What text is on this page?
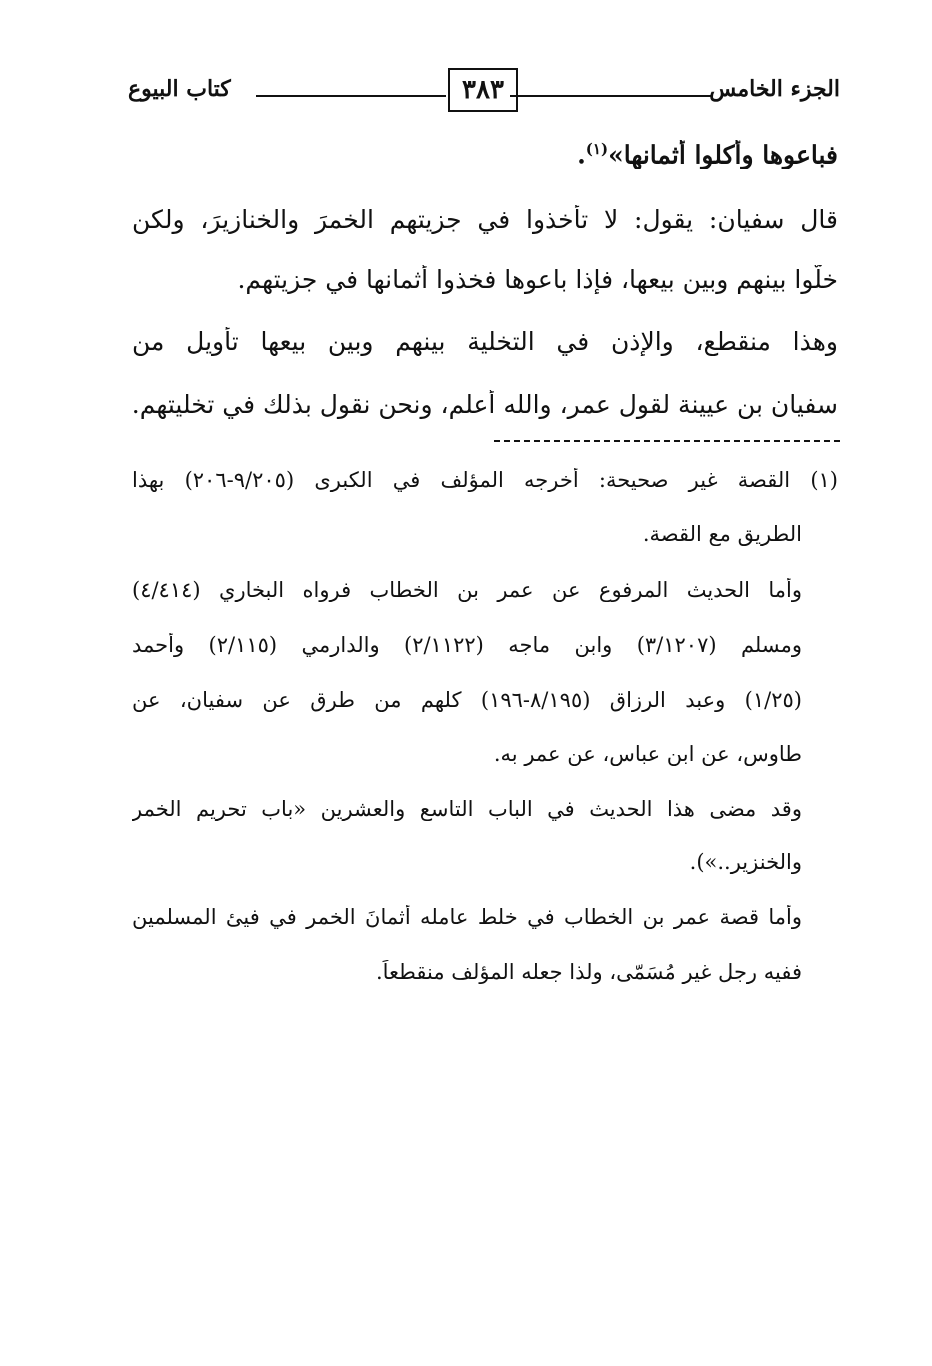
الجزء الخامس
٣٨٣
كتاب البيوع
فباعوها وأكلوا أثمانها»$^{(١)}$.
قال سفيان: يقول: لا تأخذوا في جزيتهم الخمرَ والخنازيرَ، ولكن
خلُّوا بينهم وبين بيعها، فإذا باعوها فخذوا أثمانها في جزيتهم.
وهذا منقطع، والإذن في التخلية بينهم وبين بيعها تأويل من
سفيان بن عيينة لقول عمر، والله أعلم، ونحن نقول بذلك في تخليتهم.
(١) القصة غير صحيحة: أخرجه المؤلف في الكبرى (٩/٢٠٥-٢٠٦) بهذا
الطريق مع القصة.
وأما الحديث المرفوع عن عمر بن الخطاب فرواه البخاري (٤/٤١٤)
ومسلم (٣/١٢٠٧) وابن ماجه (٢/١١٢٢) والدارمي (٢/١١٥) وأحمد
(١/٢٥) وعبد الرزاق (٨/١٩٥-١٩٦) كلهم من طرق عن سفيان، عن
طاوس، عن ابن عباس، عن عمر به.
وقد مضى هذا الحديث في الباب التاسع والعشرين «باب تحريم الخمر
والخنزير..»).
وأما قصة عمر بن الخطاب في خلط عامله أثمانَ الخمر في فيئ المسلمين
ففيه رجل غير مُسَمّى، ولذا جعله المؤلف منقطعاً.
